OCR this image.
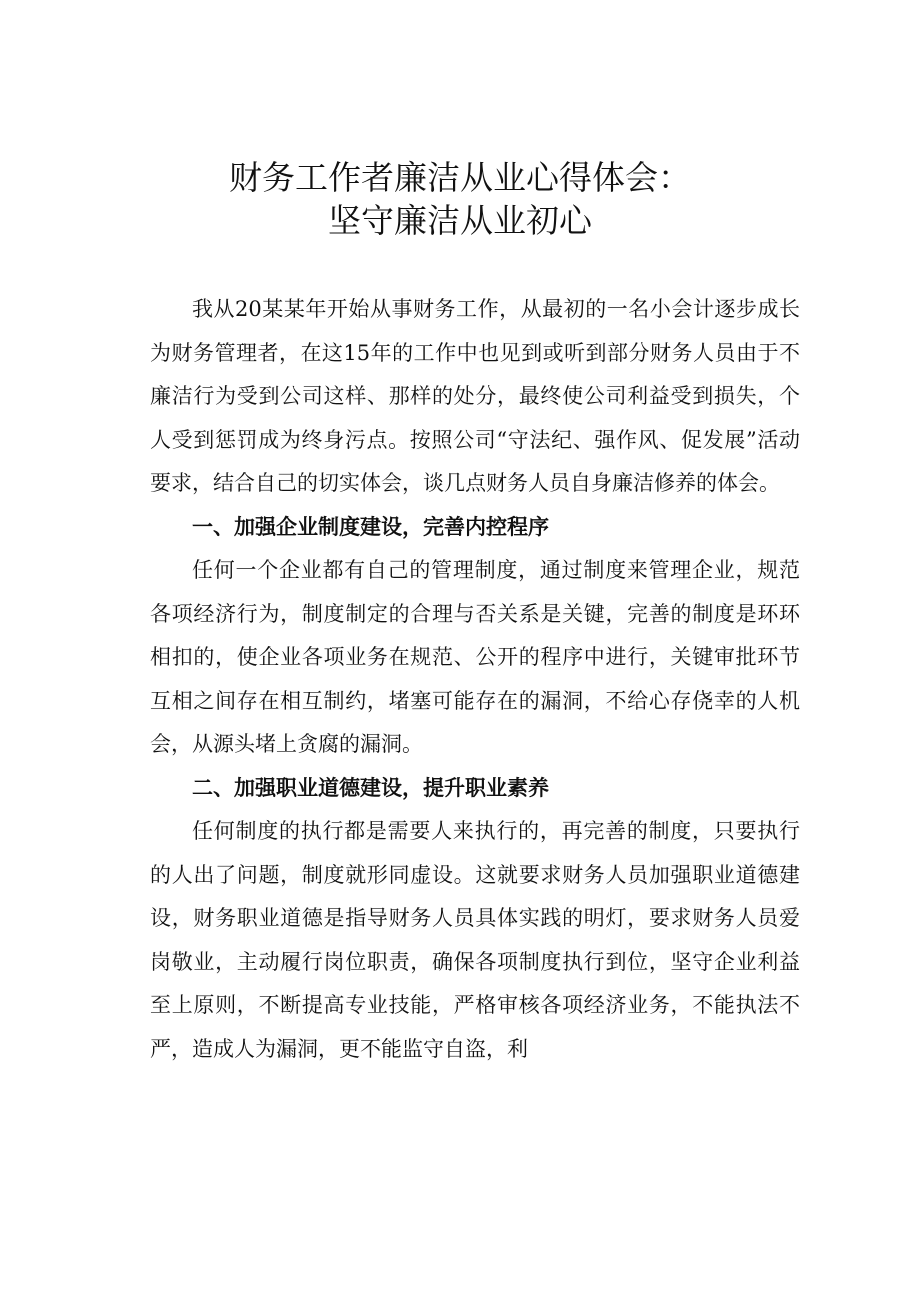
财务工作者廉洁从业心得体会：
坚守廉洁从业初心

我从20某某年开始从事财务工作，从最初的一名小会计逐步成长为财务管理者，在这15年的工作中也见到或听到部分财务人员由于不廉洁行为受到公司这样、那样的处分，最终使公司利益受到损失，个人受到惩罚成为终身污点。按照公司“守法纪、强作风、促发展”活动要求，结合自己的切实体会，谈几点财务人员自身廉洁修养的体会。

一、加强企业制度建设，完善内控程序

任何一个企业都有自己的管理制度，通过制度来管理企业，规范各项经济行为，制度制定的合理与否关系是关键，完善的制度是环环相扣的，使企业各项业务在规范、公开的程序中进行，关键审批环节互相之间存在相互制约，堵塞可能存在的漏洞，不给心存侥幸的人机会，从源头堵上贪腐的漏洞。

二、加强职业道德建设，提升职业素养

任何制度的执行都是需要人来执行的，再完善的制度，只要执行的人出了问题，制度就形同虚设。这就要求财务人员加强职业道德建设，财务职业道德是指导财务人员具体实践的明灯，要求财务人员爱岗敬业，主动履行岗位职责，确保各项制度执行到位，坚守企业利益至上原则，不断提高专业技能，严格审核各项经济业务，不能执法不严，造成人为漏洞，更不能监守自盗，利
